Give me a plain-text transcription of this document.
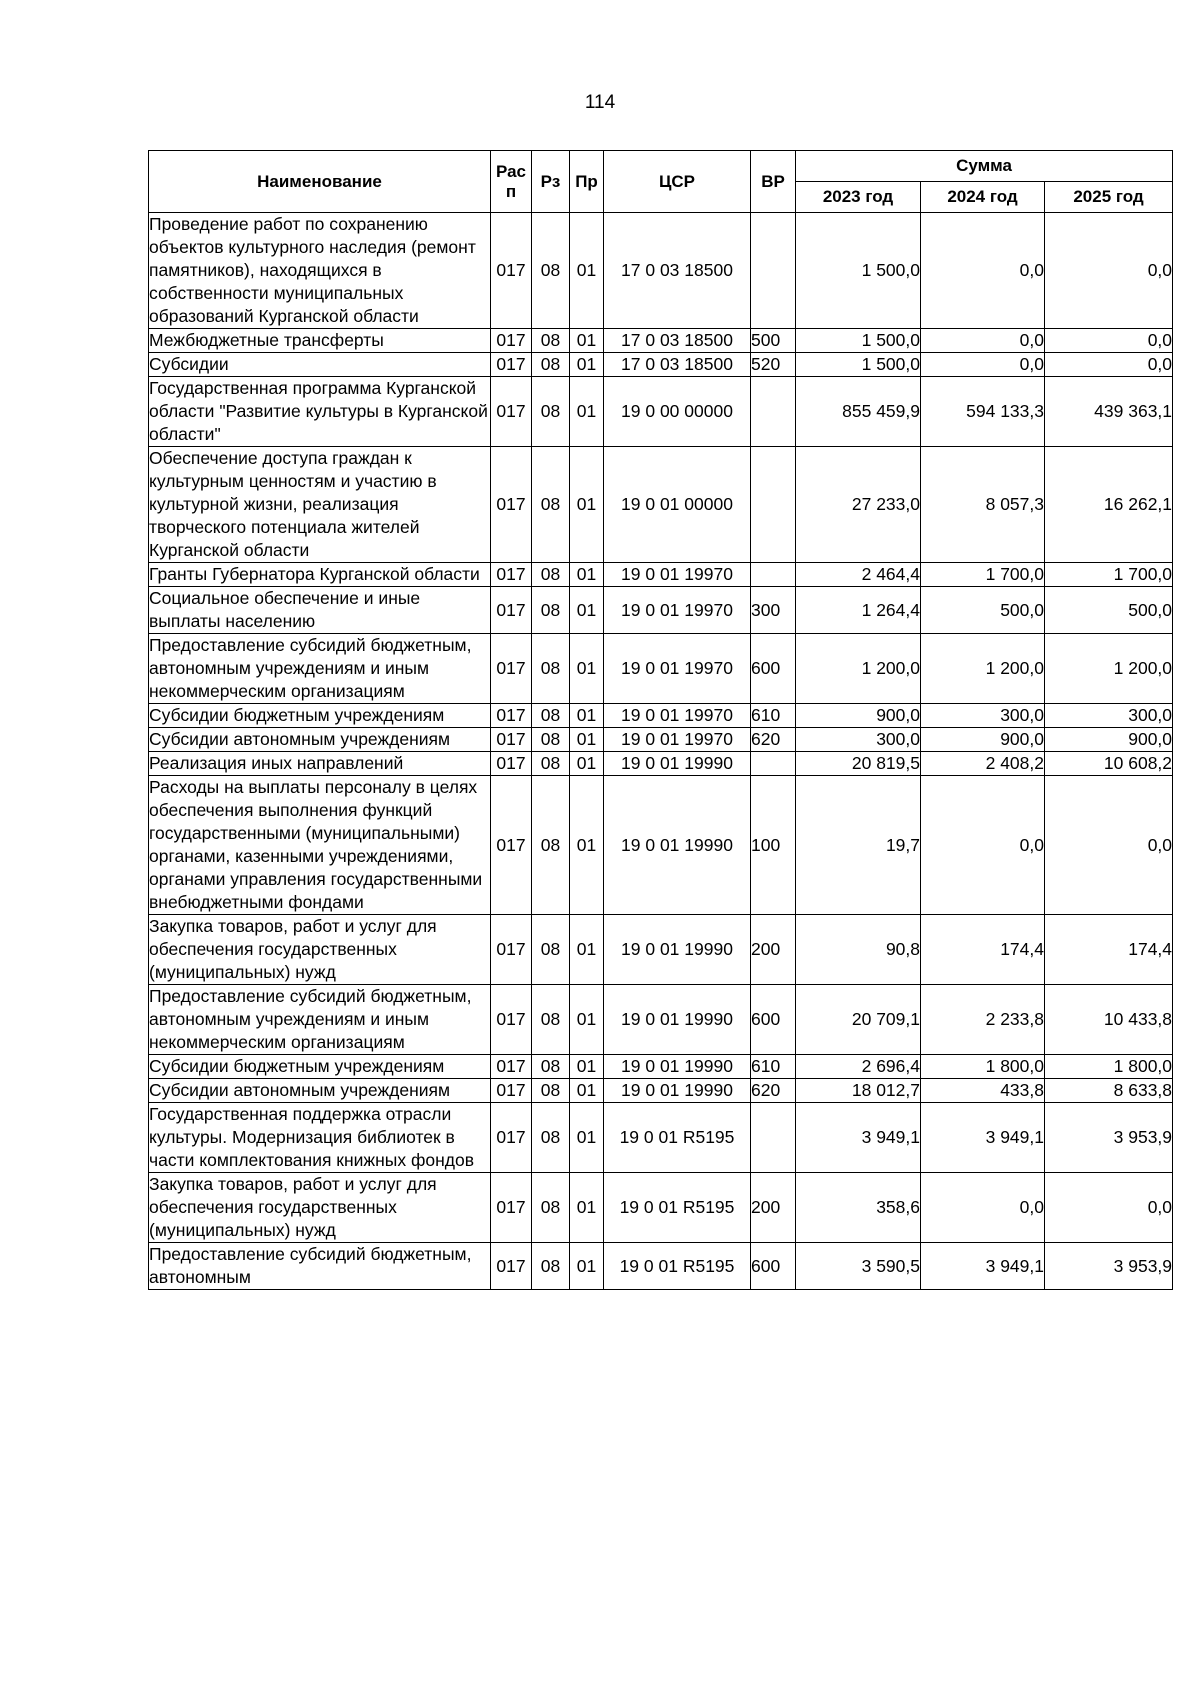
114
Наименование	Рас п	Рз	Пр	ЦСР	ВР	Сумма		
						2023 год	2024 год	2025 год
Проведение работ по сохранению объектов культурного наследия (ремонт памятников), находящихся в собственности муниципальных образований Курганской области	017	08	01	17 0 03 18500		1 500,0	0,0	0,0
Межбюджетные трансферты	017	08	01	17 0 03 18500	500	1 500,0	0,0	0,0
Субсидии	017	08	01	17 0 03 18500	520	1 500,0	0,0	0,0
Государственная программа Курганской области "Развитие культуры в Курганской области"	017	08	01	19 0 00 00000		855 459,9	594 133,3	439 363,1
Обеспечение доступа граждан к культурным ценностям и участию в культурной жизни, реализация творческого потенциала жителей Курганской области	017	08	01	19 0 01 00000		27 233,0	8 057,3	16 262,1
Гранты Губернатора Курганской области	017	08	01	19 0 01 19970		2 464,4	1 700,0	1 700,0
Социальное обеспечение и иные выплаты населению	017	08	01	19 0 01 19970	300	1 264,4	500,0	500,0
Предоставление субсидий бюджетным, автономным учреждениям и иным некоммерческим организациям	017	08	01	19 0 01 19970	600	1 200,0	1 200,0	1 200,0
Субсидии бюджетным учреждениям	017	08	01	19 0 01 19970	610	900,0	300,0	300,0
Субсидии автономным учреждениям	017	08	01	19 0 01 19970	620	300,0	900,0	900,0
Реализация иных направлений	017	08	01	19 0 01 19990		20 819,5	2 408,2	10 608,2
Расходы на выплаты персоналу в целях обеспечения выполнения функций государственными (муниципальными) органами, казенными учреждениями, органами управления государственными внебюджетными фондами	017	08	01	19 0 01 19990	100	19,7	0,0	0,0
Закупка товаров, работ и услуг для обеспечения государственных (муниципальных) нужд	017	08	01	19 0 01 19990	200	90,8	174,4	174,4
Предоставление субсидий бюджетным, автономным учреждениям и иным некоммерческим организациям	017	08	01	19 0 01 19990	600	20 709,1	2 233,8	10 433,8
Субсидии бюджетным учреждениям	017	08	01	19 0 01 19990	610	2 696,4	1 800,0	1 800,0
Субсидии автономным учреждениям	017	08	01	19 0 01 19990	620	18 012,7	433,8	8 633,8
Государственная поддержка отрасли культуры. Модернизация библиотек в части комплектования книжных фондов	017	08	01	19 0 01 R5195		3 949,1	3 949,1	3 953,9
Закупка товаров, работ и услуг для обеспечения государственных (муниципальных) нужд	017	08	01	19 0 01 R5195	200	358,6	0,0	0,0
Предоставление субсидий бюджетным, автономным	017	08	01	19 0 01 R5195	600	3 590,5	3 949,1	3 953,9
